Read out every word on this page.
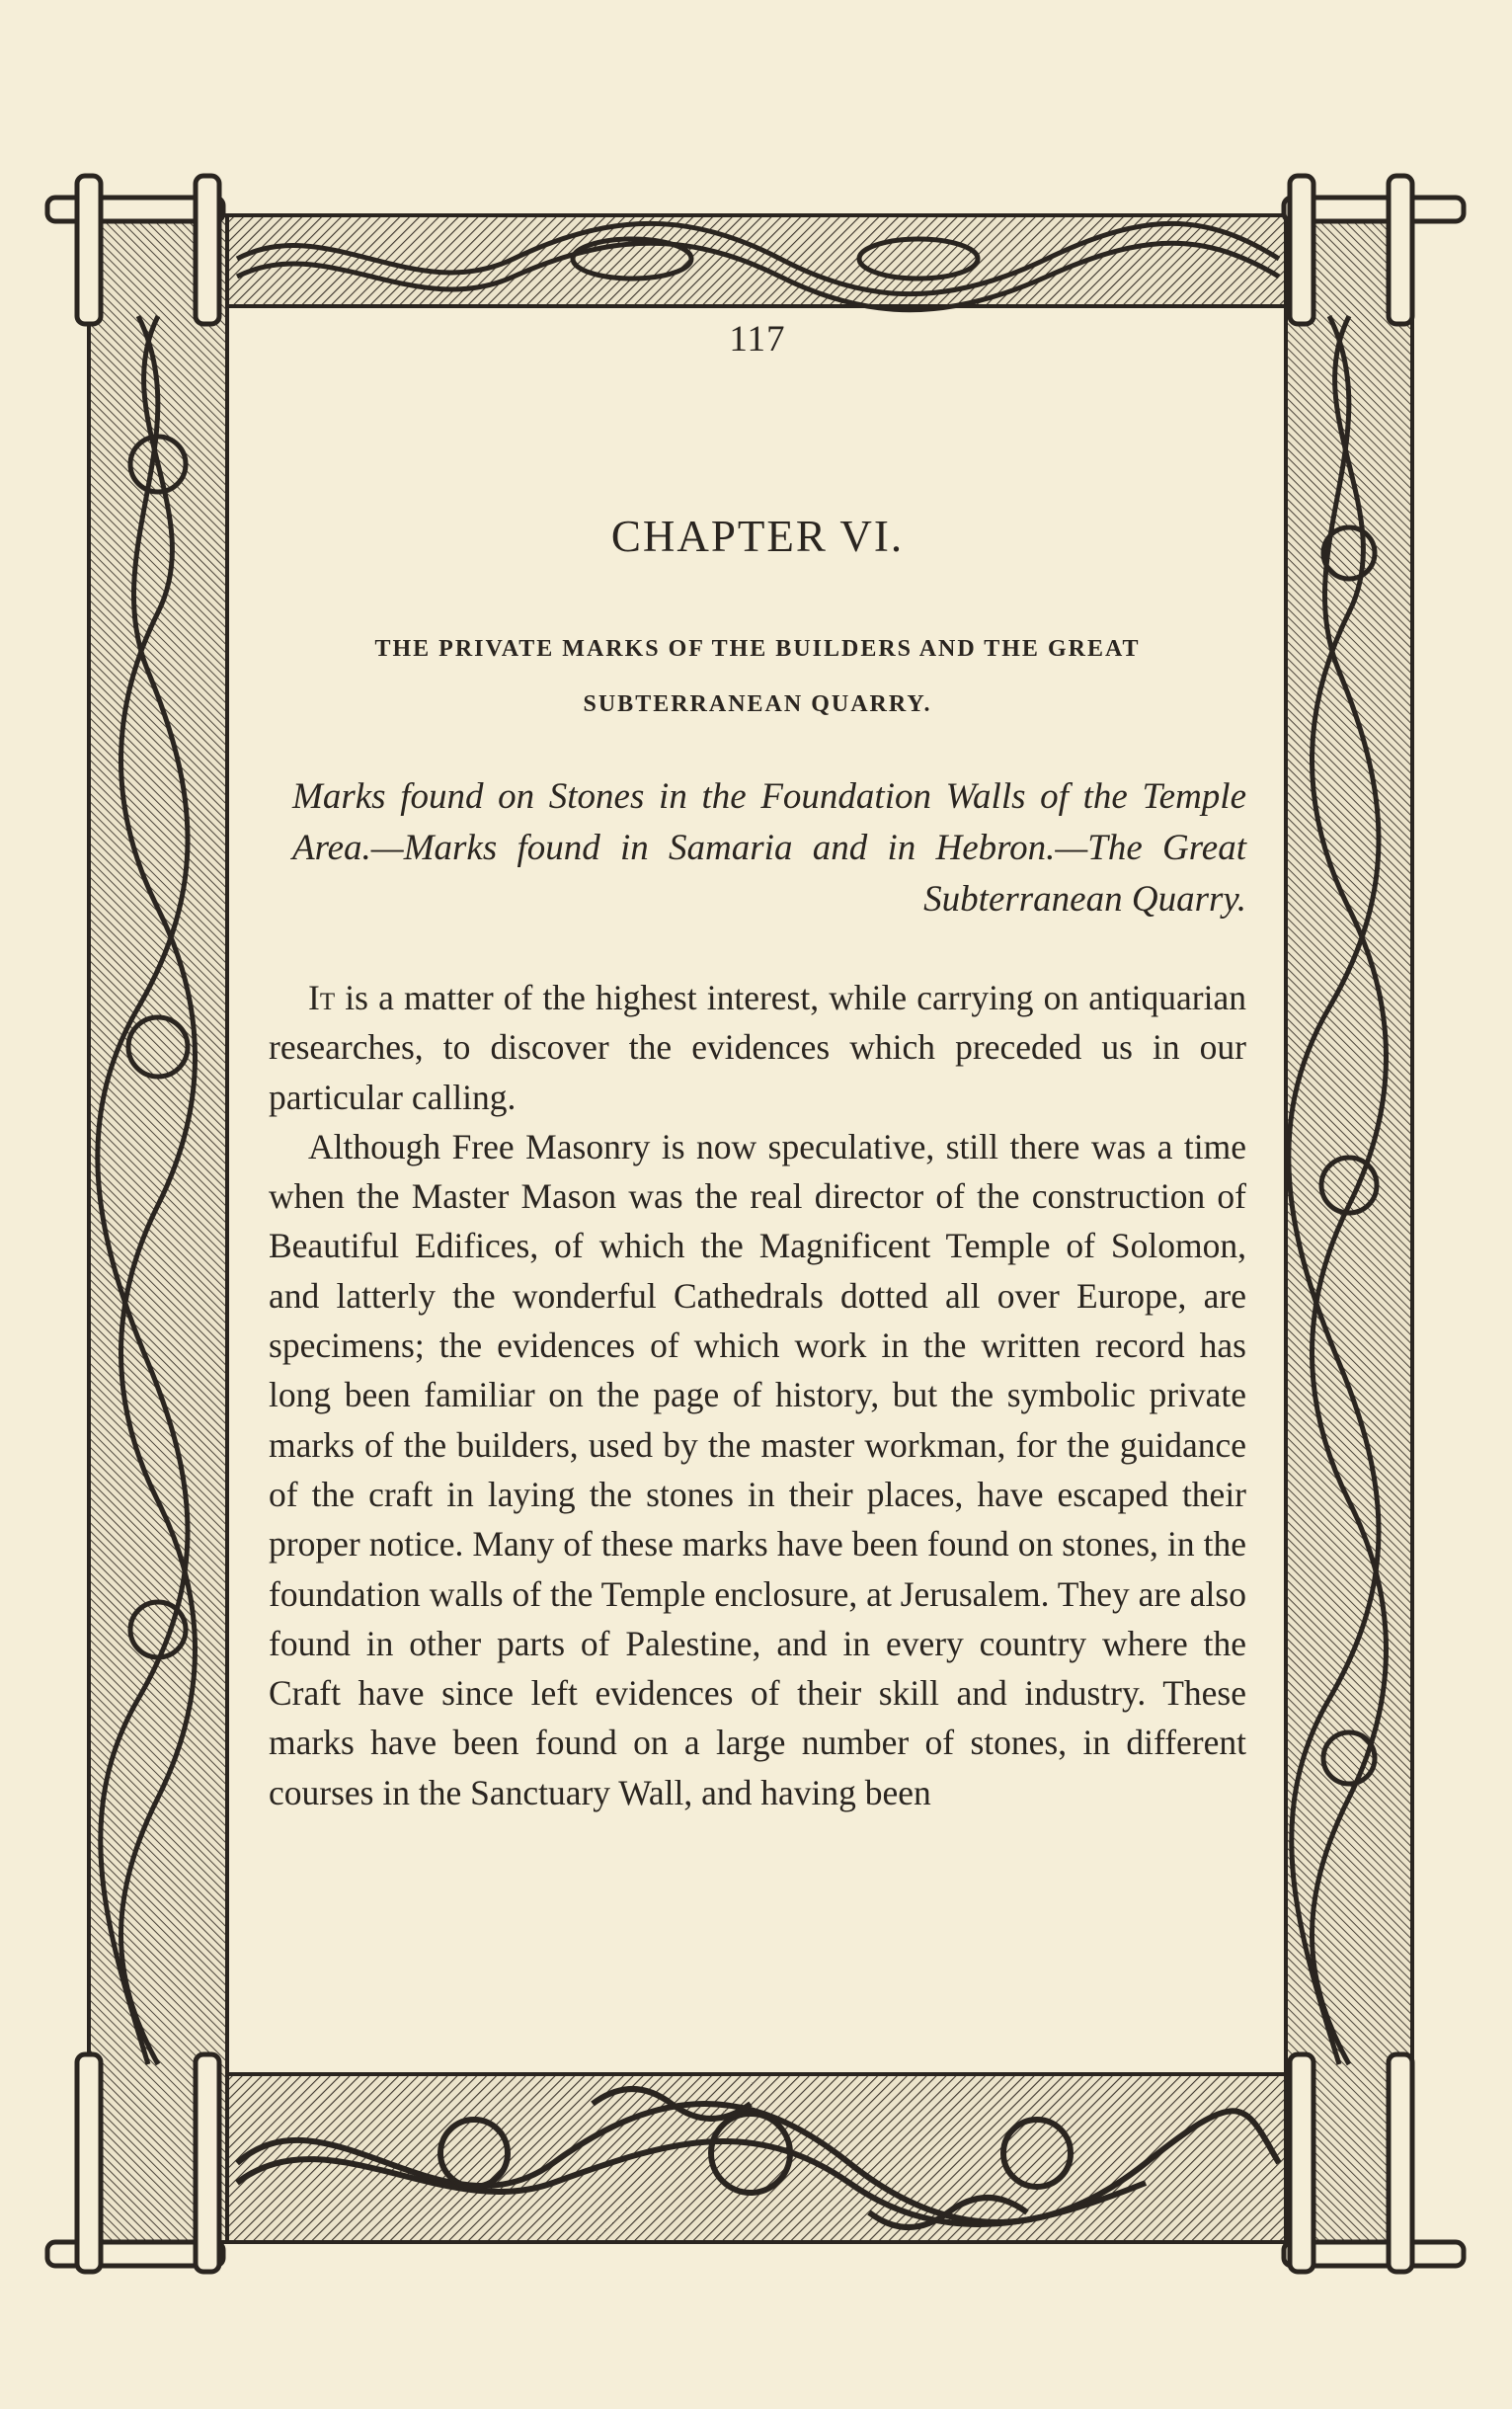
117
CHAPTER VI.
THE PRIVATE MARKS OF THE BUILDERS AND THE GREAT
SUBTERRANEAN QUARRY.
Marks found on Stones in the Foundation Walls of the Temple Area.—Marks found in Samaria and in Hebron.—The Great Subterranean Quarry.

It is a matter of the highest interest, while carrying on antiquarian researches, to discover the evidences which preceded us in our particular calling.

Although Free Masonry is now speculative, still there was a time when the Master Mason was the real director of the construction of Beautiful Edifices, of which the Magnificent Temple of Solomon, and latterly the wonderful Cathedrals dotted all over Europe, are specimens; the evidences of which work in the written record has long been familiar on the page of history, but the symbolic private marks of the builders, used by the master workman, for the guidance of the craft in laying the stones in their places, have escaped their proper notice. Many of these marks have been found on stones, in the foundation walls of the Temple enclosure, at Jerusalem. They are also found in other parts of Palestine, and in every country where the Craft have since left evidences of their skill and industry. These marks have been found on a large number of stones, in different courses in the Sanctuary Wall, and having been
